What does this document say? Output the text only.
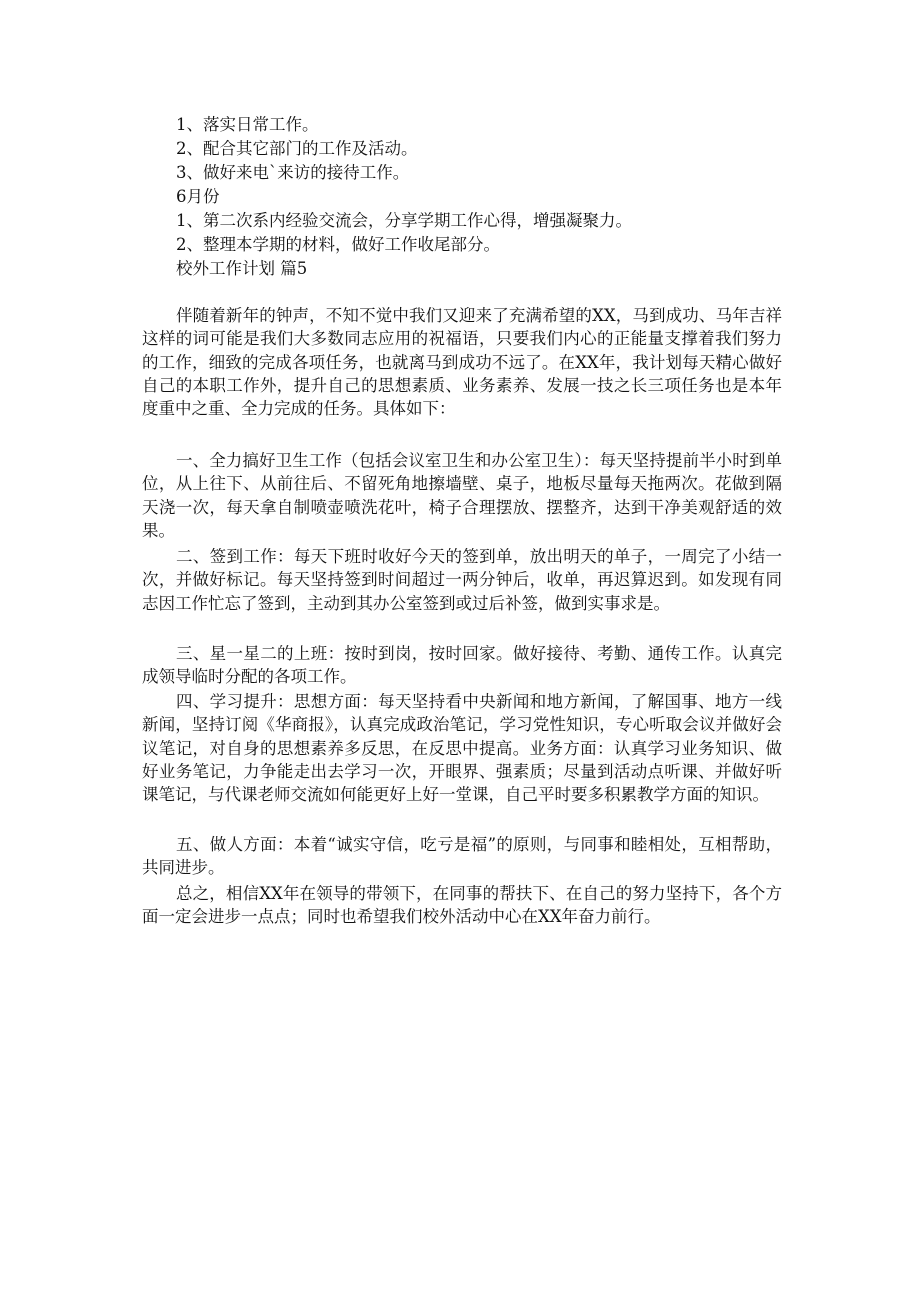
1、落实日常工作。
2、配合其它部门的工作及活动。
3、做好来电`来访的接待工作。
6月份
1、第二次系内经验交流会，分享学期工作心得，增强凝聚力。
2、整理本学期的材料，做好工作收尾部分。
校外工作计划 篇5

伴随着新年的钟声，不知不觉中我们又迎来了充满希望的XX，马到成功、马年吉祥这样的词可能是我们大多数同志应用的祝福语，只要我们内心的正能量支撑着我们努力的工作，细致的完成各项任务，也就离马到成功不远了。在XX年，我计划每天精心做好自己的本职工作外，提升自己的思想素质、业务素养、发展一技之长三项任务也是本年度重中之重、全力完成的任务。具体如下：

一、全力搞好卫生工作（包括会议室卫生和办公室卫生）：每天坚持提前半小时到单位，从上往下、从前往后、不留死角地擦墙壁、桌子，地板尽量每天拖两次。花做到隔天浇一次，每天拿自制喷壶喷洗花叶，椅子合理摆放、摆整齐，达到干净美观舒适的效果。

二、签到工作：每天下班时收好今天的签到单，放出明天的单子，一周完了小结一次，并做好标记。每天坚持签到时间超过一两分钟后，收单，再迟算迟到。如发现有同志因工作忙忘了签到，主动到其办公室签到或过后补签，做到实事求是。

三、星一星二的上班：按时到岗，按时回家。做好接待、考勤、通传工作。认真完成领导临时分配的各项工作。

四、学习提升：思想方面：每天坚持看中央新闻和地方新闻，了解国事、地方一线新闻，坚持订阅《华商报》，认真完成政治笔记，学习党性知识，专心听取会议并做好会议笔记，对自身的思想素养多反思，在反思中提高。业务方面：认真学习业务知识、做好业务笔记，力争能走出去学习一次，开眼界、强素质；尽量到活动点听课、并做好听课笔记，与代课老师交流如何能更好上好一堂课，自己平时要多积累教学方面的知识。

五、做人方面：本着“诚实守信，吃亏是福”的原则，与同事和睦相处，互相帮助，共同进步。

总之，相信XX年在领导的带领下，在同事的帮扶下、在自己的努力坚持下，各个方面一定会进步一点点；同时也希望我们校外活动中心在XX年奋力前行。
